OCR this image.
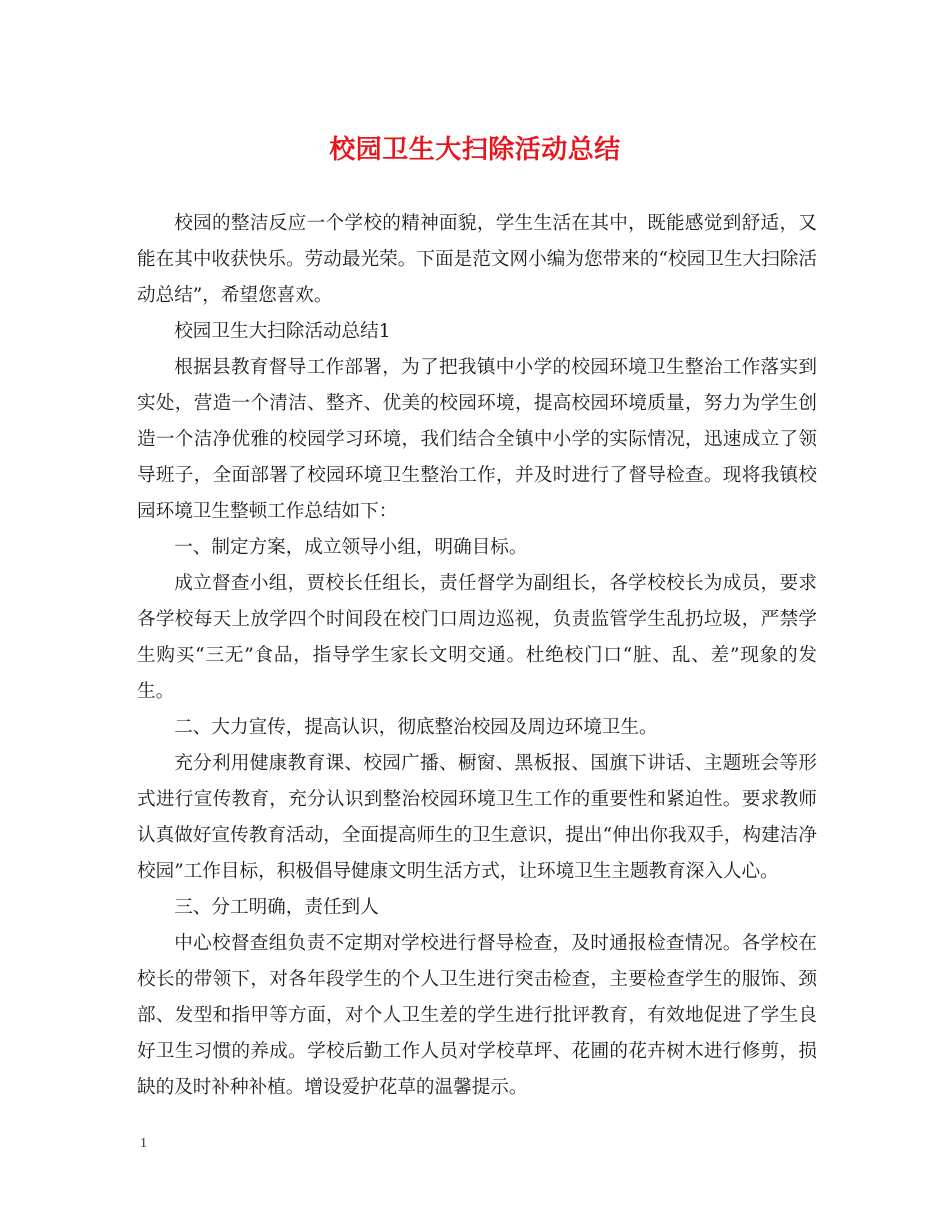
校园卫生大扫除活动总结

校园的整洁反应一个学校的精神面貌，学生生活在其中，既能感觉到舒适，又能在其中收获快乐。劳动最光荣。下面是范文网小编为您带来的“校园卫生大扫除活动总结”，希望您喜欢。

校园卫生大扫除活动总结1

根据县教育督导工作部署，为了把我镇中小学的校园环境卫生整治工作落实到实处，营造一个清洁、整齐、优美的校园环境，提高校园环境质量，努力为学生创造一个洁净优雅的校园学习环境，我们结合全镇中小学的实际情况，迅速成立了领导班子，全面部署了校园环境卫生整治工作，并及时进行了督导检查。现将我镇校园环境卫生整顿工作总结如下：

一、制定方案，成立领导小组，明确目标。

成立督查小组，贾校长任组长，责任督学为副组长，各学校校长为成员，要求各学校每天上放学四个时间段在校门口周边巡视，负责监管学生乱扔垃圾，严禁学生购买“三无”食品，指导学生家长文明交通。杜绝校门口“脏、乱、差”现象的发生。

二、大力宣传，提高认识，彻底整治校园及周边环境卫生。

充分利用健康教育课、校园广播、橱窗、黑板报、国旗下讲话、主题班会等形式进行宣传教育，充分认识到整治校园环境卫生工作的重要性和紧迫性。要求教师认真做好宣传教育活动，全面提高师生的卫生意识，提出“伸出你我双手，构建洁净校园”工作目标，积极倡导健康文明生活方式，让环境卫生主题教育深入人心。

三、分工明确，责任到人

中心校督查组负责不定期对学校进行督导检查，及时通报检查情况。各学校在校长的带领下，对各年段学生的个人卫生进行突击检查，主要检查学生的服饰、颈部、发型和指甲等方面，对个人卫生差的学生进行批评教育，有效地促进了学生良好卫生习惯的养成。学校后勤工作人员对学校草坪、花圃的花卉树木进行修剪，损缺的及时补种补植。增设爱护花草的温馨提示。

1
